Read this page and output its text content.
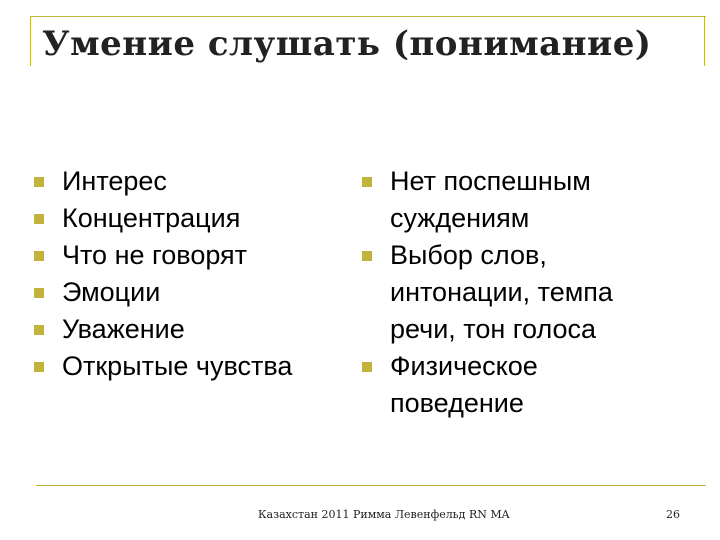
Умение слушать (понимание)
Интерес
Концентрация
Что не говорят
Эмоции
Уважение
Открытые чувства
Нет поспешным суждениям
Выбор слов, интонации, темпа речи, тон голоса
Физическое поведение
Казахстан 2011 Римма Левенфельд RN MA	26
